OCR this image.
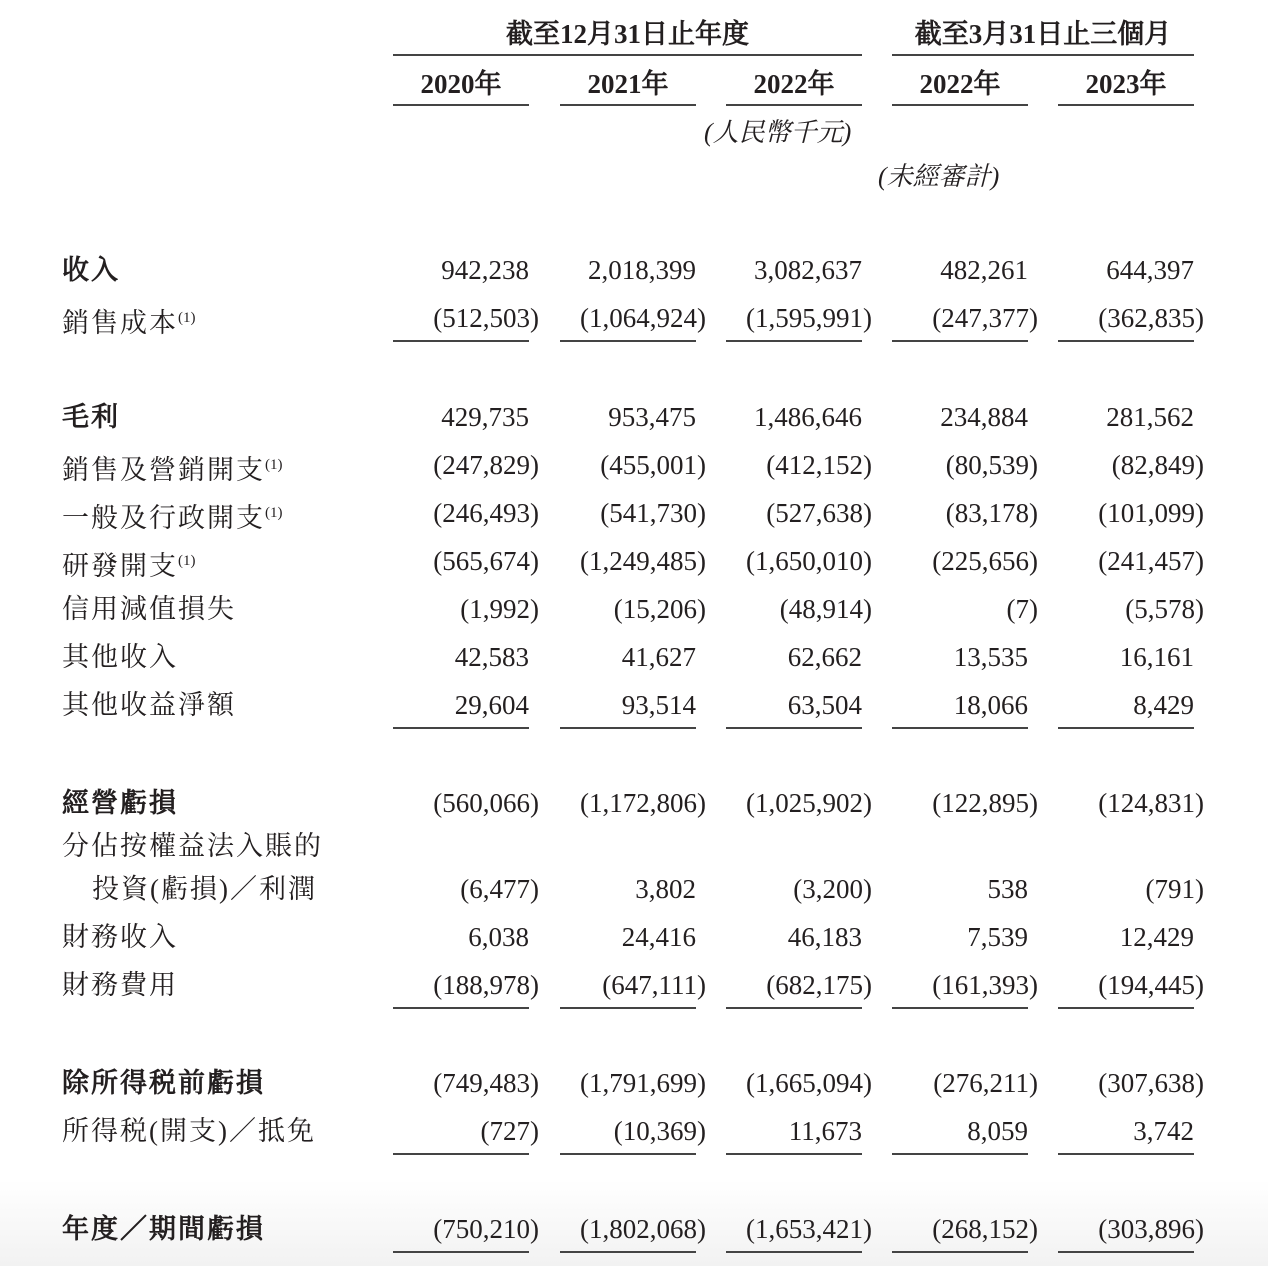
截至12月31日止年度	截至3月31日止三個月
2020年	2021年	2022年	2022年	2023年
(人民幣千元)
(未經審計)
收入	942,238	2,018,399	3,082,637	482,261	644,397
銷售成本$^{(1)}$	(512,503)	(1,064,924)	(1,595,991)	(247,377)	(362,835)
毛利	429,735	953,475	1,486,646	234,884	281,562
銷售及營銷開支$^{(1)}$	(247,829)	(455,001)	(412,152)	(80,539)	(82,849)
一般及行政開支$^{(1)}$	(246,493)	(541,730)	(527,638)	(83,178)	(101,099)
研發開支$^{(1)}$	(565,674)	(1,249,485)	(1,650,010)	(225,656)	(241,457)
信用減值損失	(1,992)	(15,206)	(48,914)	(7)	(5,578)
其他收入	42,583	41,627	62,662	13,535	16,161
其他收益淨額	29,604	93,514	63,504	18,066	8,429
經營虧損	(560,066)	(1,172,806)	(1,025,902)	(122,895)	(124,831)
分佔按權益法入賬的
投資(虧損)／利潤	(6,477)	3,802	(3,200)	538	(791)
財務收入	6,038	24,416	46,183	7,539	12,429
財務費用	(188,978)	(647,111)	(682,175)	(161,393)	(194,445)
除所得税前虧損	(749,483)	(1,791,699)	(1,665,094)	(276,211)	(307,638)
所得税(開支)／抵免	(727)	(10,369)	11,673	8,059	3,742
年度／期間虧損	(750,210)	(1,802,068)	(1,653,421)	(268,152)	(303,896)
